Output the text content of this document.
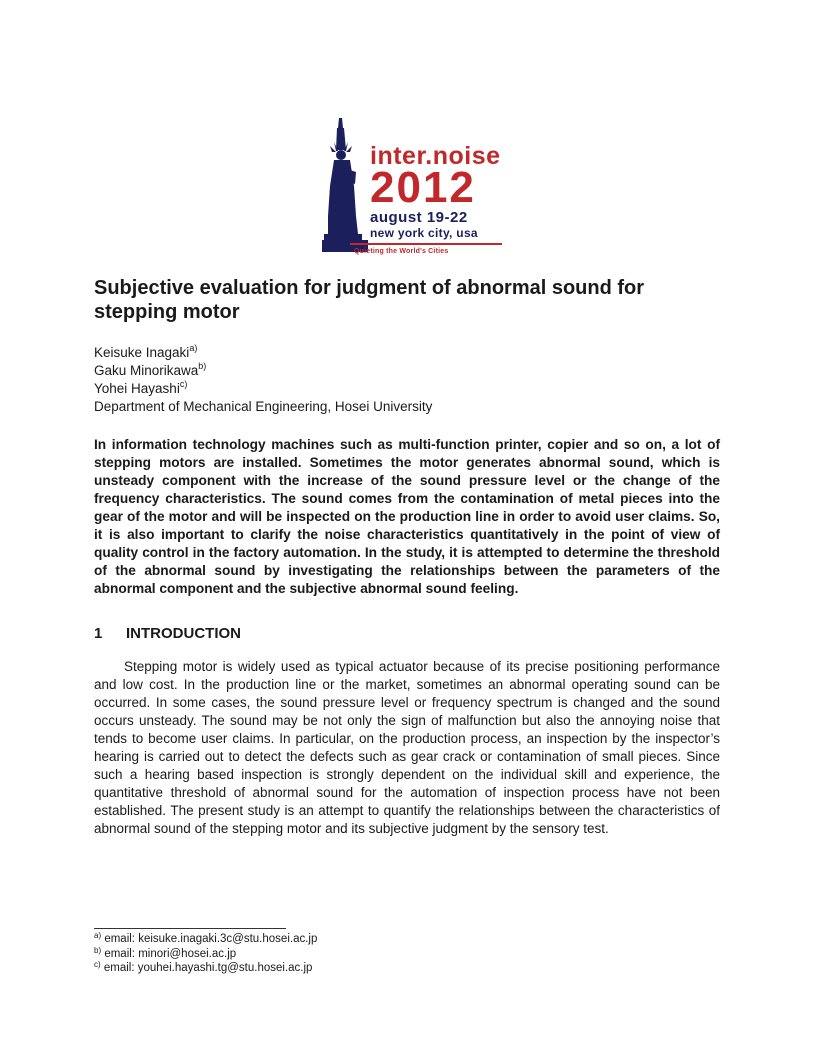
inter.noise
2012
august 19-22
new york city, usa
Quieting the World's Cities
Subjective evaluation for judgment of abnormal sound for stepping motor
Keisuke Inagaki$^{a)}$
Gaku Minorikawa$^{b)}$
Yohei Hayashi$^{c)}$
Department of Mechanical Engineering, Hosei University

In information technology machines such as multi-function printer, copier and so on, a lot of stepping motors are installed. Sometimes the motor generates abnormal sound, which is unsteady component with the increase of the sound pressure level or the change of the frequency characteristics. The sound comes from the contamination of metal pieces into the gear of the motor and will be inspected on the production line in order to avoid user claims. So, it is also important to clarify the noise characteristics quantitatively in the point of view of quality control in the factory automation. In the study, it is attempted to determine the threshold of the abnormal sound by investigating the relationships between the parameters of the abnormal component and the subjective abnormal sound feeling.

1 INTRODUCTION

Stepping motor is widely used as typical actuator because of its precise positioning performance and low cost. In the production line or the market, sometimes an abnormal operating sound can be occurred. In some cases, the sound pressure level or frequency spectrum is changed and the sound occurs unsteady. The sound may be not only the sign of malfunction but also the annoying noise that tends to become user claims. In particular, on the production process, an inspection by the inspector’s hearing is carried out to detect the defects such as gear crack or contamination of small pieces. Since such a hearing based inspection is strongly dependent on the individual skill and experience, the quantitative threshold of abnormal sound for the automation of inspection process have not been established. The present study is an attempt to quantify the relationships between the characteristics of abnormal sound of the stepping motor and its subjective judgment by the sensory test.

$^{a)}$ email: keisuke.inagaki.3c@stu.hosei.ac.jp
$^{b)}$ email: minori@hosei.ac.jp
$^{c)}$ email: youhei.hayashi.tg@stu.hosei.ac.jp
